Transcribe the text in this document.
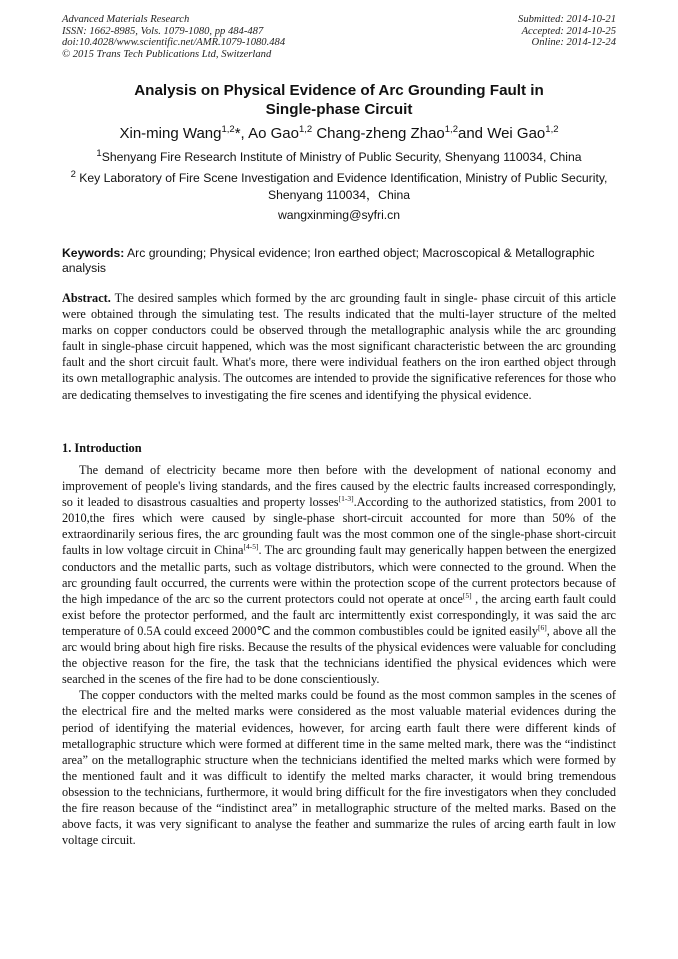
Advanced Materials Research
ISSN: 1662-8985, Vols. 1079-1080, pp 484-487
doi:10.4028/www.scientific.net/AMR.1079-1080.484
© 2015 Trans Tech Publications Ltd, Switzerland
Submitted: 2014-10-21
Accepted: 2014-10-25
Online: 2014-12-24
Analysis on Physical Evidence of Arc Grounding Fault in
Single-phase Circuit
Xin-ming Wang$^{1,2}$*, Ao Gao$^{1,2}$ Chang-zheng Zhao$^{1,2}$and Wei Gao$^{1,2}$
$^1$Shenyang Fire Research Institute of Ministry of Public Security, Shenyang 110034, China
$^2$ Key Laboratory of Fire Scene Investigation and Evidence Identification, Ministry of Public Security,
Shenyang 110034，China
wangxinming@syfri.cn
Keywords: Arc grounding; Physical evidence; Iron earthed object; Macroscopical & Metallographic analysis

Abstract. The desired samples which formed by the arc grounding fault in single- phase circuit of this article were obtained through the simulating test. The results indicated that the multi-layer structure of the melted marks on copper conductors could be observed through the metallographic analysis while the arc grounding fault in single-phase circuit happened, which was the most significant characteristic between the arc grounding fault and the short circuit fault. What's more, there were individual feathers on the iron earthed object through its own metallographic analysis. The outcomes are intended to provide the significative references for those who are dedicating themselves to investigating the fire scenes and identifying the physical evidence.

1. Introduction

The demand of electricity became more then before with the development of national economy and improvement of people's living standards, and the fires caused by the electric faults increased correspondingly, so it leaded to disastrous casualties and property losses[1-3].According to the authorized statistics, from 2001 to 2010,the fires which were caused by single-phase short-circuit accounted for more than 50% of the extraordinarily serious fires, the arc grounding fault was the most common one of the single-phase short-circuit faults in low voltage circuit in China[4-5]. The arc grounding fault may generically happen between the energized conductors and the metallic parts, such as voltage distributors, which were connected to the ground. When the arc grounding fault occurred, the currents were within the protection scope of the current protectors because of the high impedance of the arc so the current protectors could not operate at once[5] , the arcing earth fault could exist before the protector performed, and the fault arc intermittently exist correspondingly, it was said the arc temperature of 0.5A could exceed 2000℃ and the common combustibles could be ignited easily[6], above all the arc would bring about high fire risks. Because the results of the physical evidences were valuable for concluding the objective reason for the fire, the task that the technicians identified the physical evidences which were searched in the scenes of the fire had to be done conscientiously.

The copper conductors with the melted marks could be found as the most common samples in the scenes of the electrical fire and the melted marks were considered as the most valuable material evidences during the period of identifying the material evidences, however, for arcing earth fault there were different kinds of metallographic structure which were formed at different time in the same melted mark, there was the “indistinct area” on the metallographic structure when the technicians identified the melted marks which were formed by the mentioned fault and it was difficult to identify the melted marks character, it would bring tremendous obsession to the technicians, furthermore, it would bring difficult for the fire investigators when they concluded the fire reason because of the “indistinct area” in metallographic structure of the melted marks. Based on the above facts, it was very significant to analyse the feather and summarize the rules of arcing earth fault in low voltage circuit.
